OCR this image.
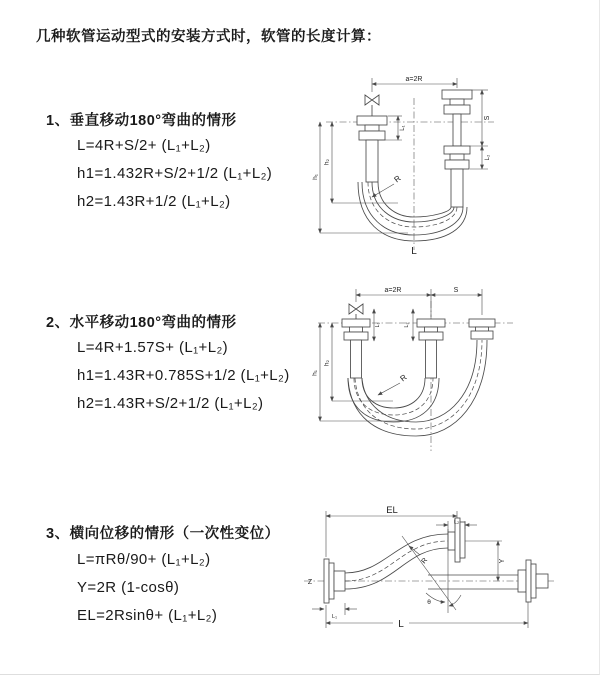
几种软管运动型式的安装方式时，软管的长度计算：
1、垂直移动180°弯曲的情形
L=4R+S/2+ (L₁+L₂)
h1=1.432R+S/2+1/2 (L₁+L₂)
h2=1.43R+1/2 (L₁+L₂)
2、水平移动180°弯曲的情形
L=4R+1.57S+ (L₁+L₂)
h1=1.43R+0.785S+1/2 (L₁+L₂)
h2=1.43R+S/2+1/2 (L₁+L₂)
3、横向位移的情形（一次性变位）
L=πRθ/90+ (L₁+L₂)
Y=2R (1-cosθ)
EL=2Rsinθ+ (L₁+L₂)
a=2R
S
L₂
L₁
h₁
h₂
R
L
a=2R	S
h₁
h₂
L₁	L₂
R
Z
EL
L₂
Y
θ
R
L₁
L
